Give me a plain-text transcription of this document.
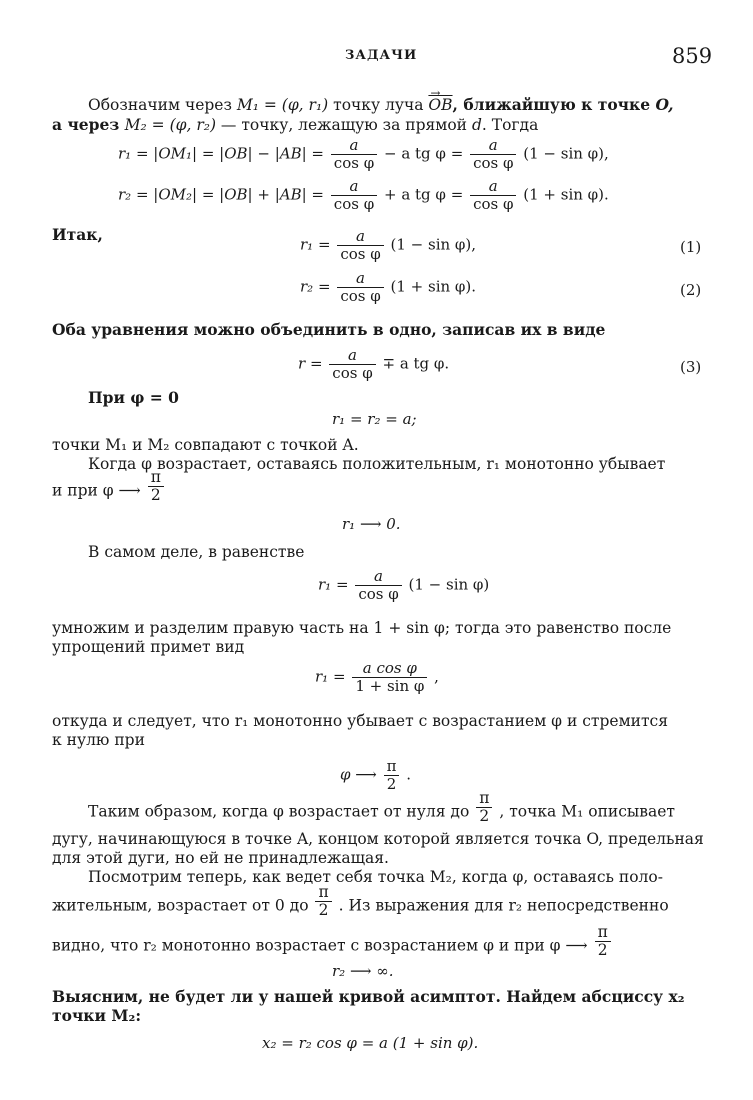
ЗАДАЧИ	859
Обозначим через M₁ = (φ, r₁) точку луча → $\overline{OB}$, ближайшую к точке O,
а через M₂ = (φ, r₂) — точку, лежащую за прямой d. Тогда
$r_1 = |OM_1| = |OB| - |AB| = \frac{a}{\text{cos φ}} - a$ tg $\varphi = \frac{a}{\text{cos φ}} (1 - \sin \varphi)$,
$r_2 = |OM_2| = |OB| + |AB| = \frac{a}{\text{cos φ}} + a$ tg $\varphi = \frac{a}{\text{cos φ}} (1 + \sin \varphi)$.
Итак,
$r_1 = \frac{a}{\text{cos φ}} (1 - \sin \varphi)$,	(1)
$r_2 = \frac{a}{\text{cos φ}} (1 + \sin \varphi)$.	(2)
Оба уравнения можно объединить в одно, записав их в виде
$r = \frac{a}{\text{cos φ}} \mp a$ tg φ.	(3)
При φ = 0
r₁ = r₂ = a;
точки M₁ и M₂ совпадают с точкой A.
Когда φ возрастает, оставаясь положительным, r₁ монотонно убывает
и при φ ⟶ $\frac{\pi}{2}$
r₁ ⟶ 0.
В самом деле, в равенстве
$r_1 = \frac{a}{\text{cos φ}} (1 - \sin \varphi)$
умножим и разделим правую часть на 1 + sin φ; тогда это равенство после
упрощений примет вид
$r_1 = \frac{\text{a cos φ}}{\text{1 + sin φ}}$ ,
откуда и следует, что r₁ монотонно убывает с возрастанием φ и стремится
к нулю при
φ ⟶ $\frac{\pi}{2}$ .
Таким образом, когда φ возрастает от нуля до $\frac{\pi}{2}$ , точка M₁ описывает
дугу, начинающуюся в точке A, концом которой является точка O, предельная
для этой дуги, но ей не принадлежащая.
Посмотрим теперь, как ведет себя точка M₂, когда φ, оставаясь поло-
жительным, возрастает от 0 до $\frac{\pi}{2}$ . Из выражения для r₂ непосредственно
видно, что r₂ монотонно возрастает с возрастанием φ и при φ ⟶ $\frac{\pi}{2}$
r₂ ⟶ ∞.
Выясним, не будет ли у нашей кривой асимптот. Найдем абсциссу x₂
точки M₂:
x₂ = r₂ cos φ = a (1 + sin φ).
